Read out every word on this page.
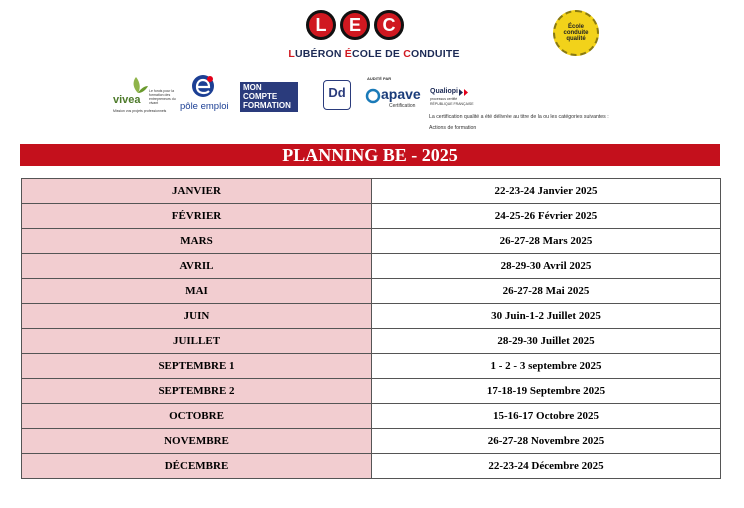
L	E	C
LUBÉRON ÉCOLE DE CONDUITE
École conduite qualité
vivea
Le fonds pour la formation des entrepreneurs du vivant
Mission vos projets professionnels pôle emploi
MON
COMPTE
FORMATION
Dd
AUDITÉ PAR
apave
Certification
Qualiopi
processus certifié
RÉPUBLIQUE FRANÇAISE
La certification qualité a été délivrée au titre de la ou les catégories suivantes :
Actions de formation
PLANNING BE - 2025
JANVIER	22-23-24 Janvier 2025
FÉVRIER	24-25-26 Février 2025
MARS	26-27-28 Mars 2025
AVRIL	28-29-30 Avril 2025
MAI	26-27-28 Mai 2025
JUIN	30 Juin-1-2 Juillet 2025
JUILLET	28-29-30 Juillet 2025
SEPTEMBRE 1	1 - 2 - 3 septembre 2025
SEPTEMBRE 2	17-18-19 Septembre 2025
OCTOBRE	15-16-17 Octobre 2025
NOVEMBRE	26-27-28 Novembre 2025
DÉCEMBRE	22-23-24 Décembre 2025
